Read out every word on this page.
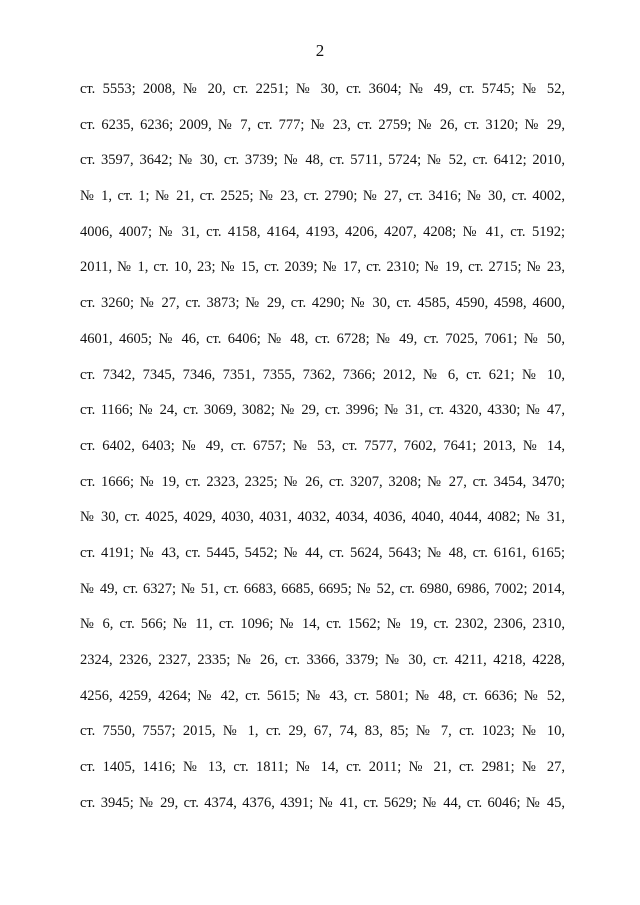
2
ст. 5553; 2008, № 20, ст. 2251; № 30, ст. 3604; № 49, ст. 5745; № 52,
ст. 6235, 6236; 2009, № 7, ст. 777; № 23, ст. 2759; № 26, ст. 3120; № 29,
ст. 3597, 3642; № 30, ст. 3739; № 48, ст. 5711, 5724; № 52, ст. 6412; 2010,
№ 1, ст. 1; № 21, ст. 2525; № 23, ст. 2790; № 27, ст. 3416; № 30, ст. 4002,
4006, 4007; № 31, ст. 4158, 4164, 4193, 4206, 4207, 4208; № 41, ст. 5192;
2011, № 1, ст. 10, 23; № 15, ст. 2039; № 17, ст. 2310; № 19, ст. 2715; № 23,
ст. 3260; № 27, ст. 3873; № 29, ст. 4290; № 30, ст. 4585, 4590, 4598, 4600,
4601, 4605; № 46, ст. 6406; № 48, ст. 6728; № 49, ст. 7025, 7061; № 50,
ст. 7342, 7345, 7346, 7351, 7355, 7362, 7366; 2012, № 6, ст. 621; № 10,
ст. 1166; № 24, ст. 3069, 3082; № 29, ст. 3996; № 31, ст. 4320, 4330; № 47,
ст. 6402, 6403; № 49, ст. 6757; № 53, ст. 7577, 7602, 7641; 2013, № 14,
ст. 1666; № 19, ст. 2323, 2325; № 26, ст. 3207, 3208; № 27, ст. 3454, 3470;
№ 30, ст. 4025, 4029, 4030, 4031, 4032, 4034, 4036, 4040, 4044, 4082; № 31,
ст. 4191; № 43, ст. 5445, 5452; № 44, ст. 5624, 5643; № 48, ст. 6161, 6165;
№ 49, ст. 6327; № 51, ст. 6683, 6685, 6695; № 52, ст. 6980, 6986, 7002; 2014,
№ 6, ст. 566; № 11, ст. 1096; № 14, ст. 1562; № 19, ст. 2302, 2306, 2310,
2324, 2326, 2327, 2335; № 26, ст. 3366, 3379; № 30, ст. 4211, 4218, 4228,
4256, 4259, 4264; № 42, ст. 5615; № 43, ст. 5801; № 48, ст. 6636; № 52,
ст. 7550, 7557; 2015, № 1, ст. 29, 67, 74, 83, 85; № 7, ст. 1023; № 10,
ст. 1405, 1416; № 13, ст. 1811; № 14, ст. 2011; № 21, ст. 2981; № 27,
ст. 3945; № 29, ст. 4374, 4376, 4391; № 41, ст. 5629; № 44, ст. 6046; № 45,
